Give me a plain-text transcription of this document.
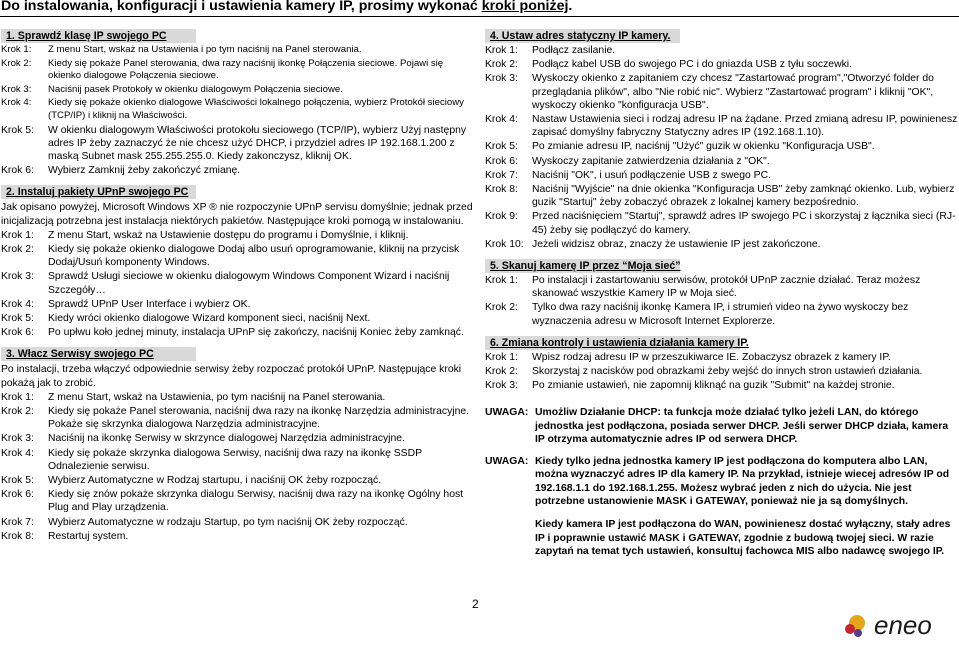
Do instalowania, konfiguracji i ustawienia kamery IP, prosimy wykonać kroki poniżej.
1. Sprawdź klasę IP swojego PC
Krok 1:	Z menu Start, wskaż na Ustawienia i po tym naciśnij na Panel sterowania.
Krok 2:	Kiedy się pokaże Panel sterowania, dwa razy naciśnij ikonkę Połączenia sieciowe. Pojawi się okienko dialogowe Połączenia sieciowe.
Krok 3:	Naciśnij pasek Protokoły w okienku dialogowym Połączenia sieciowe.
Krok 4:	Kiedy się pokaże okienko dialogowe Właściwości lokalnego połączenia, wybierz Protokół sieciowy (TCP/IP) i kliknij na Właściwości.
Krok 5:	W okienku dialogowym Właściwości protokołu sieciowego (TCP/IP), wybierz Użyj następny adres IP żeby zaznaczyć że nie chcesz użyć DHCP, i przydziel adres IP 192.168.1.200 z maską Subnet mask 255.255.255.0. Kiedy zakonczysz, kliknij OK.
Krok 6:	Wybierz Zamknij żeby zakończyć zmianę.
2. Instaluj pakiety UPnP swojego PC
Jak opisano powyżej, Microsoft Windows XP ® nie rozpoczynie UPnP servisu domyślnie; jednak przed inicjalizacją potrzebna jest instalacja niektórych pakietów. Następujące kroki pomogą w instalowaniu.
Krok 1:	Z menu Start, wskaż na Ustawienie dostępu do programu i Domyślnie, i kliknij.
Krok 2:	Kiedy się pokaże okienko dialogowe Dodaj albo usuń oprogramowanie, kliknij na przycisk Dodaj/Usuń komponenty Windows.
Krok 3:	Sprawdź Usługi sieciowe w okienku dialogowym Windows Component Wizard i naciśnij Szczegóły…
Krok 4:	Sprawdź UPnP User Interface i wybierz OK.
Krok 5:	Kiedy wróci okienko dialogowe Wizard komponent sieci, naciśnij Next.
Krok 6:	Po upłwu koło jednej minuty, instalacja UPnP się zakończy, naciśnij Koniec żeby zamknąć.
3. Włacz Serwisy swojego PC
Po instalacji, trzeba włączyć odpowiednie serwisy żeby rozpoczać protokół UPnP. Następujące kroki pokażą jak to zrobić.
Krok 1:	Z menu Start, wskaż na Ustawienia, po tym naciśnij na Panel sterowania.
Krok 2:	Kiedy się pokaże Panel sterowania, naciśnij dwa razy na ikonkę Narzędzia administracyjne. Pokaże się skrzynka dialogowa Narzędzia administracyjne.
Krok 3:	Naciśnij na ikonkę Serwisy w skrzynce dialogowej Narzędzia administracyjne.
Krok 4:	Kiedy się pokaże skrzynka dialogowa Serwisy, naciśnij dwa razy na ikonkę SSDP Odnalezienie serwisu.
Krok 5:	Wybierz Automatyczne w Rodzaj startupu, i naciśnij OK żeby rozpocząć.
Krok 6:	Kiedy się znów pokaże skrzynka dialogu Serwisy, naciśnij dwa razy na ikonkę Ogólny host Plug and Play urządzenia.
Krok 7:	Wybierz Automatyczne w rodzaju Startup, po tym naciśnij OK żeby rozpocząć.
Krok 8:	Restartuj system.
4. Ustaw adres statyczny IP kamery.
Krok 1:	Podłącz zasilanie.
Krok 2:	Podłącz kabel USB do swojego PC i do gniazda USB z tyłu soczewki.
Krok 3:	Wyskoczy okienko z zapitaniem czy chcesz "Zastartować program","Otworzyć folder do przeglądania plików", albo "Nie robić nic". Wybierz "Zastartować program" i kliknij "OK", wyskoczy okienko "konfiguracja USB".
Krok 4:	Nastaw Ustawienia sieci i rodzaj adresu IP na żądane. Przed zmianą adresu IP, powinienesz zapisać domyślny fabryczny Statyczny adres IP (192.168.1.10).
Krok 5:	Po zmianie adresu IP, naciśnij "Użyć" guzik w okienku "Konfiguracja USB".
Krok 6:	Wyskoczy zapitanie zatwierdzenia działania z "OK".
Krok 7:	Naciśnij "OK", i usuń podłączenie USB z swego PC.
Krok 8:	Naciśnij "Wyjście" na dnie okienka "Konfiguracja USB" żeby zamknąć okienko. Lub, wybierz guzik "Startuj" żeby zobaczyć obrazek z lokalnej kamery bezpośrednio.
Krok 9:	Przed naciśnięciem "Startuj", sprawdź adres IP swojego PC i skorzystaj z łącznika sieci (RJ-45) żeby się podłączyć do kamery.
Krok 10: Jeżeli widzisz obraz, znaczy że ustawienie IP jest zakończone.
5. Skanuj kamerę IP przez “Moja sieć”
Krok 1:	Po instalacji i zastartowaniu serwisów, protokół UPnP zacznie działać. Teraz możesz skanować wszystkie Kamery IP w Moja sieć.
Krok 2:	Tylko dwa razy naciśnij ikonkę Kamera IP, i strumień video na żywo wyskoczy bez wyznaczenia adresu w Microsoft Internet Explorerze.
6. Zmiana kontroly i ustawienia działania kamery IP.
Krok 1:	Wpisz rodzaj adresu IP w przeszukiwarce IE. Zobaczysz obrazek z kamery IP.
Krok 2:	Skorzystaj z nacisków pod obrazkami żeby wejść do innych stron ustawień działania.
Krok 3:	Po zmianie ustawień, nie zapomnij kliknąć na guzik "Submit" na każdej stronie.
UWAGA: Umożliw Działanie DHCP: ta funkcja może działać tylko jeżeli LAN, do którego jednostka jest podłączona, posiada serwer DHCP. Jeśli serwer DHCP działa, kamera IP otrzyma automatycznie adres IP od serwera DHCP.
UWAGA: Kiedy tylko jedna jednostka kamery IP jest podłączona do komputera albo LAN, można wyznaczyć adres IP dla kamery IP. Na przykład, istnieje wiecej adresów IP od 192.168.1.1 do 192.168.1.255. Możesz wybrać jeden z nich do użycia. Nie jest potrzebne ustanowienie MASK i GATEWAY, ponieważ nie ja są domyślnych.
Kiedy kamera IP jest podłączona do WAN, powinienesz dostać wyłączny, stały adres IP i poprawnie ustawić MASK i GATEWAY, zgodnie z budową twojej sieci. W razie zapytań na temat tych ustawień, konsultuj fachowca MIS albo nadawcę swojego IP.
2
eneo
